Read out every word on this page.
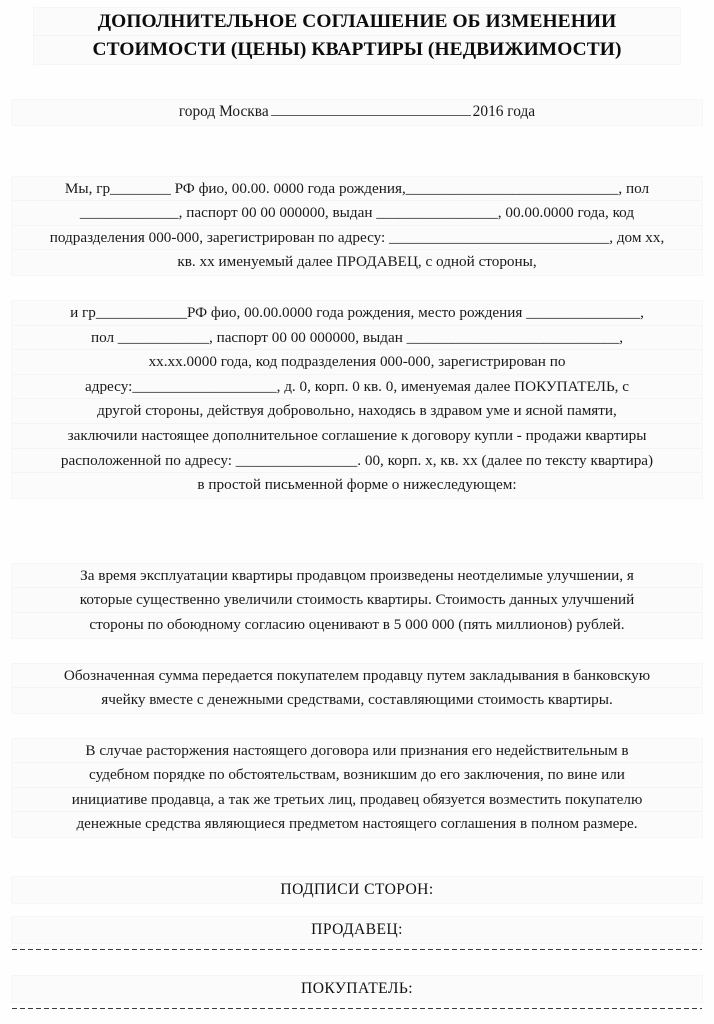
ДОПОЛНИТЕЛЬНОЕ СОГЛАШЕНИЕ ОБ ИЗМЕНЕНИИ
СТОИМОСТИ (ЦЕНЫ) КВАРТИРЫ (НЕДВИЖИМОСТИ)
город Москва	2016 года
Мы, гр________ РФ фио, 00.00. 0000 года рождения,____________________________, пол
_____________, паспорт 00 00 000000, выдан ________________, 00.00.0000 года, код
подразделения 000-000, зарегистрирован по адресу: _____________________________, дом хх,
кв. хх именуемый далее ПРОДАВЕЦ, с одной стороны,
и гр____________РФ фио, 00.00.0000 года рождения, место рождения _______________,
пол ____________, паспорт 00 00 000000, выдан ____________________________,
хх.хх.0000 года, код подразделения 000-000, зарегистрирован по
адресу:___________________, д. 0, корп. 0 кв. 0, именуемая далее ПОКУПАТЕЛЬ, с
другой стороны, действуя добровольно, находясь в здравом уме и ясной памяти,
заключили настоящее дополнительное соглашение к договору купли - продажи квартиры
расположенной по адресу: ________________. 00, корп. х, кв. хх (далее по тексту квартира)
в простой письменной форме о нижеследующем:
За время эксплуатации квартиры продавцом произведены неотделимые улучшении, я
которые существенно увеличили стоимость квартиры. Стоимость данных улучшений
стороны по обоюдному согласию оценивают в 5 000 000 (пять миллионов) рублей.
Обозначенная сумма передается покупателем продавцу путем закладывания в банковскую
ячейку вместе с денежными средствами, составляющими стоимость квартиры.
В случае расторжения настоящего договора или признания его недействительным в
судебном порядке по обстоятельствам, возникшим до его заключения, по вине или
инициативе продавца, а так же третьих лиц, продавец обязуется возместить покупателю
денежные средства являющиеся предметом настоящего соглашения в полном размере.
ПОДПИСИ СТОРОН:
ПРОДАВЕЦ:
ПОКУПАТЕЛЬ:
